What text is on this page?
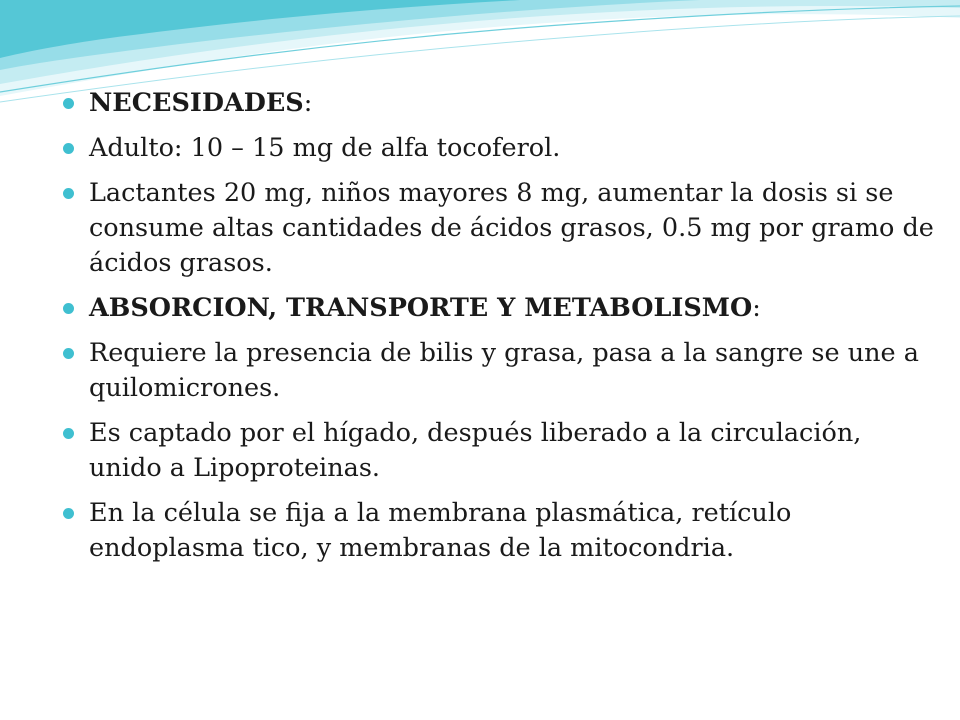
NECESIDADES:
Adulto: 10 – 15 mg de alfa tocoferol.
Lactantes 20 mg, niños mayores 8 mg, aumentar la dosis si se consume altas cantidades de ácidos grasos, 0.5 mg por gramo de ácidos grasos.
ABSORCION, TRANSPORTE Y METABOLISMO:
Requiere la presencia de bilis y grasa, pasa a la sangre se une a quilomicrones.
Es captado por el hígado, después liberado a la circulación, unido a Lipoproteinas.
En la célula se fija a la membrana plasmática, retículo endoplasma tico, y membranas de la mitocondria.
